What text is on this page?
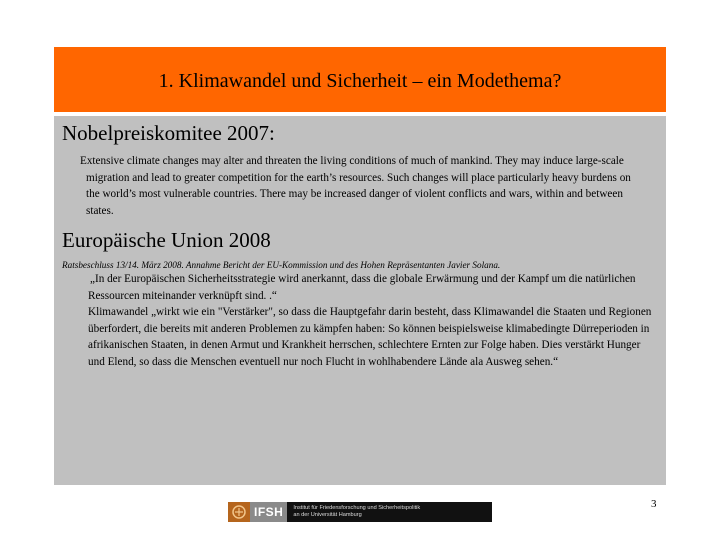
1. Klimawandel und Sicherheit – ein Modethema?
Nobelpreiskomitee 2007:

Extensive climate changes may alter and threaten the living conditions of much of mankind. They may induce large-scale migration and lead to greater competition for the earth’s resources. Such changes will place particularly heavy burdens on the world’s most vulnerable countries. There may be increased danger of violent conflicts and wars, within and between states.

Europäische Union 2008

Ratsbeschluss 13/14. März 2008. Annahme Bericht der EU-Kommission und des Hohen Repräsentanten Javier Solana.

„In der Europäischen Sicherheitsstrategie wird anerkannt, dass die globale Erwärmung und der Kampf um die natürlichen Ressourcen miteinander verknüpft sind. .“

Klimawandel „wirkt wie ein "Verstärker", so dass die Hauptgefahr darin besteht, dass Klimawandel die Staaten und Regionen überfordert, die bereits mit anderen Problemen zu kämpfen haben: So können beispielsweise klimabedingte Dürreperioden in afrikanischen Staaten, in denen Armut und Krankheit herrschen, schlechtere Ernten zur Folge haben. Dies verstärkt Hunger und Elend, so dass die Menschen eventuell nur noch Flucht in wohlhabendere Lände ala Ausweg sehen.“

3
IFSH	Institut für Friedensforschung und Sicherheitspolitik
an der Universität Hamburg
